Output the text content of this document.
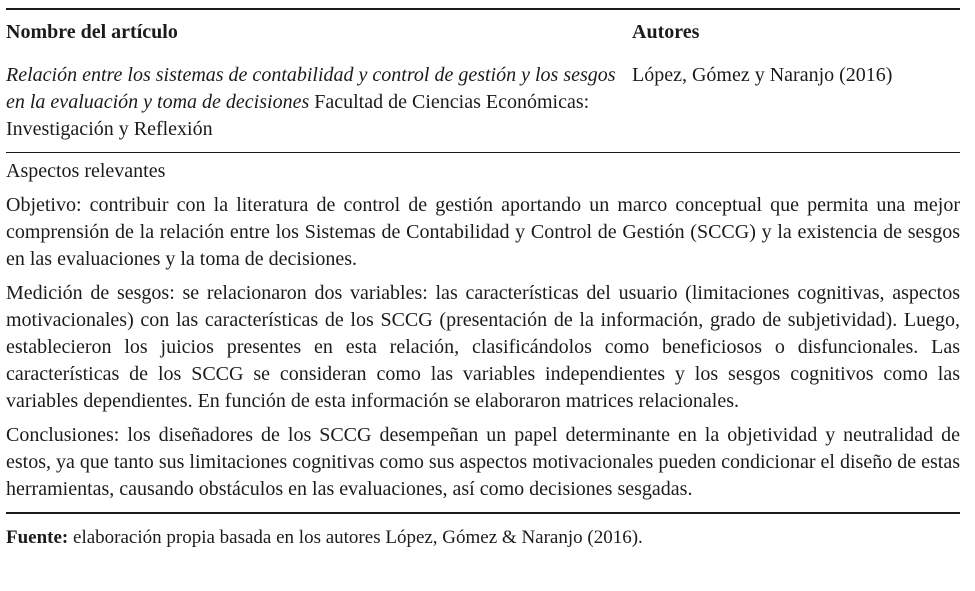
Nombre del artículo	Autores
Relación entre los sistemas de contabilidad y control de gestión y los sesgos en la evaluación y toma de decisiones Facultad de Ciencias Económicas: Investigación y Reflexión
López, Gómez y Naranjo (2016)
Aspectos relevantes

Objetivo: contribuir con la literatura de control de gestión aportando un marco conceptual que permita una mejor comprensión de la relación entre los Sistemas de Contabilidad y Control de Gestión (SCCG) y la existencia de sesgos en las evaluaciones y la toma de decisiones.

Medición de sesgos: se relacionaron dos variables: las características del usuario (limitaciones cognitivas, aspectos motivacionales) con las características de los SCCG (presentación de la información, grado de subjetividad). Luego, establecieron los juicios presentes en esta relación, clasificándolos como beneficiosos o disfuncionales. Las características de los SCCG se consideran como las variables independientes y los sesgos cognitivos como las variables dependientes. En función de esta información se elaboraron matrices relacionales.

Conclusiones: los diseñadores de los SCCG desempeñan un papel determinante en la objetividad y neutralidad de estos, ya que tanto sus limitaciones cognitivas como sus aspectos motivacionales pueden condicionar el diseño de estas herramientas, causando obstáculos en las evaluaciones, así como decisiones sesgadas.

Fuente: elaboración propia basada en los autores López, Gómez & Naranjo (2016).
